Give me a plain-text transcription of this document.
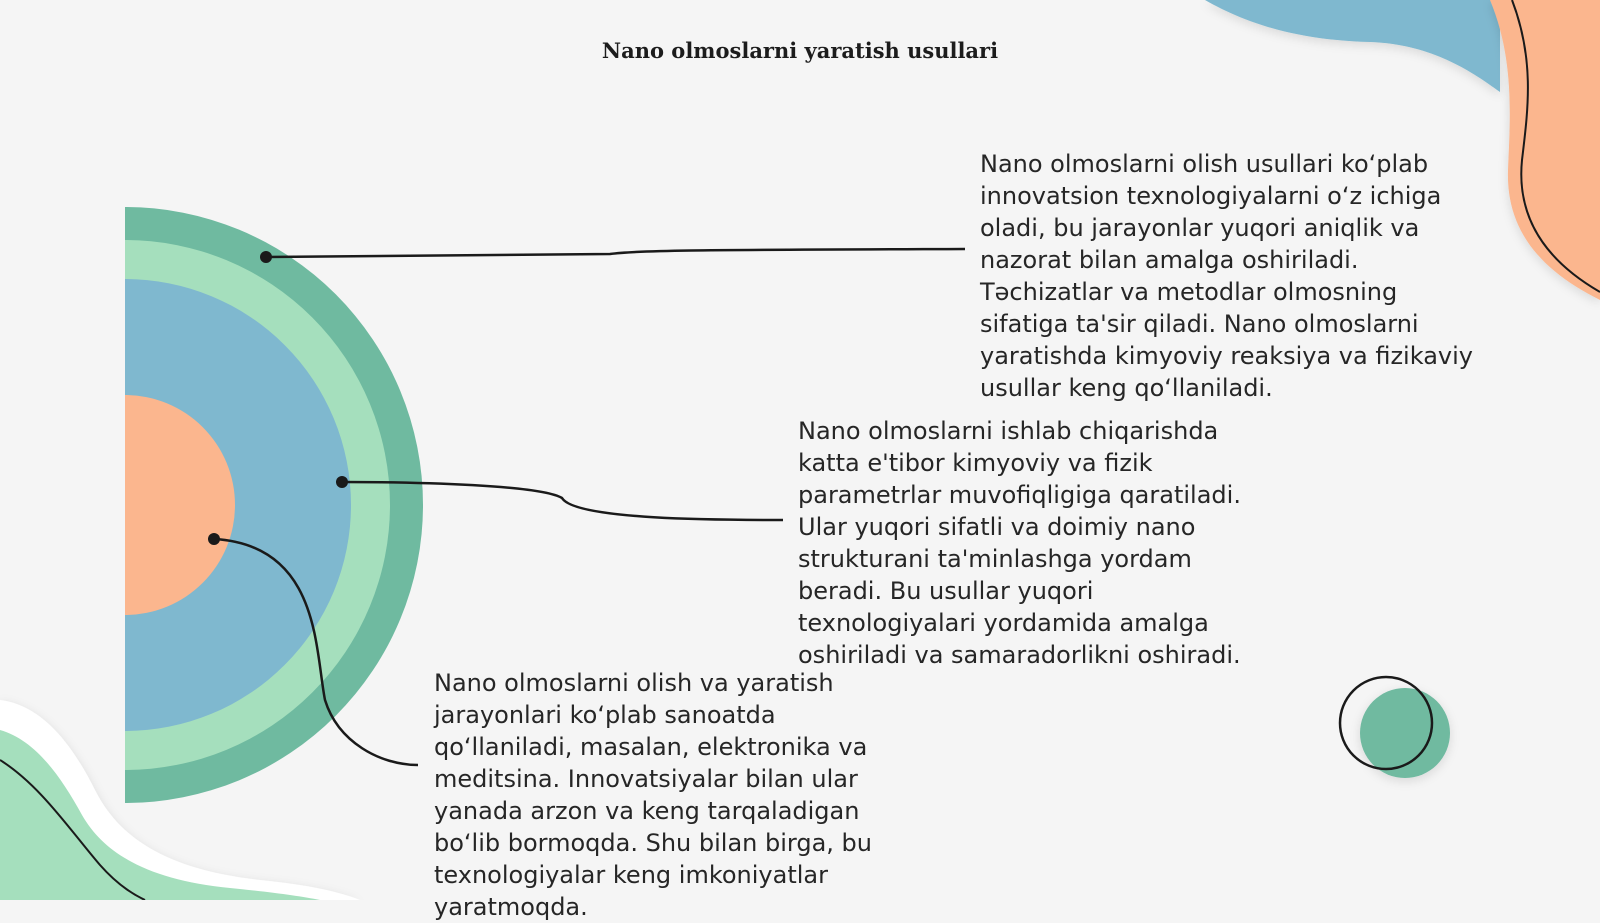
Nano olmoslarni yaratish usullari

Nano olmoslarni olish usullari ko‘plab innovatsion texnologiyalarni o‘z ichiga oladi, bu jarayonlar yuqori aniqlik va nazorat bilan amalga oshiriladi. Təchizatlar va metodlar olmosning sifatiga ta'sir qiladi. Nano olmoslarni yaratishda kimyoviy reaksiya va fizikaviy usullar keng qo‘llaniladi.

Nano olmoslarni ishlab chiqarishda katta e'tibor kimyoviy va fizik parametrlar muvofiqligiga qaratiladi. Ular yuqori sifatli va doimiy nano strukturani ta'minlashga yordam beradi. Bu usullar yuqori texnologiyalari yordamida amalga oshiriladi va samaradorlikni oshiradi.

Nano olmoslarni olish va yaratish jarayonlari ko‘plab sanoatda qo‘llaniladi, masalan, elektronika va meditsina. Innovatsiyalar bilan ular yanada arzon va keng tarqaladigan bo‘lib bormoqda. Shu bilan birga, bu texnologiyalar keng imkoniyatlar yaratmoqda.
